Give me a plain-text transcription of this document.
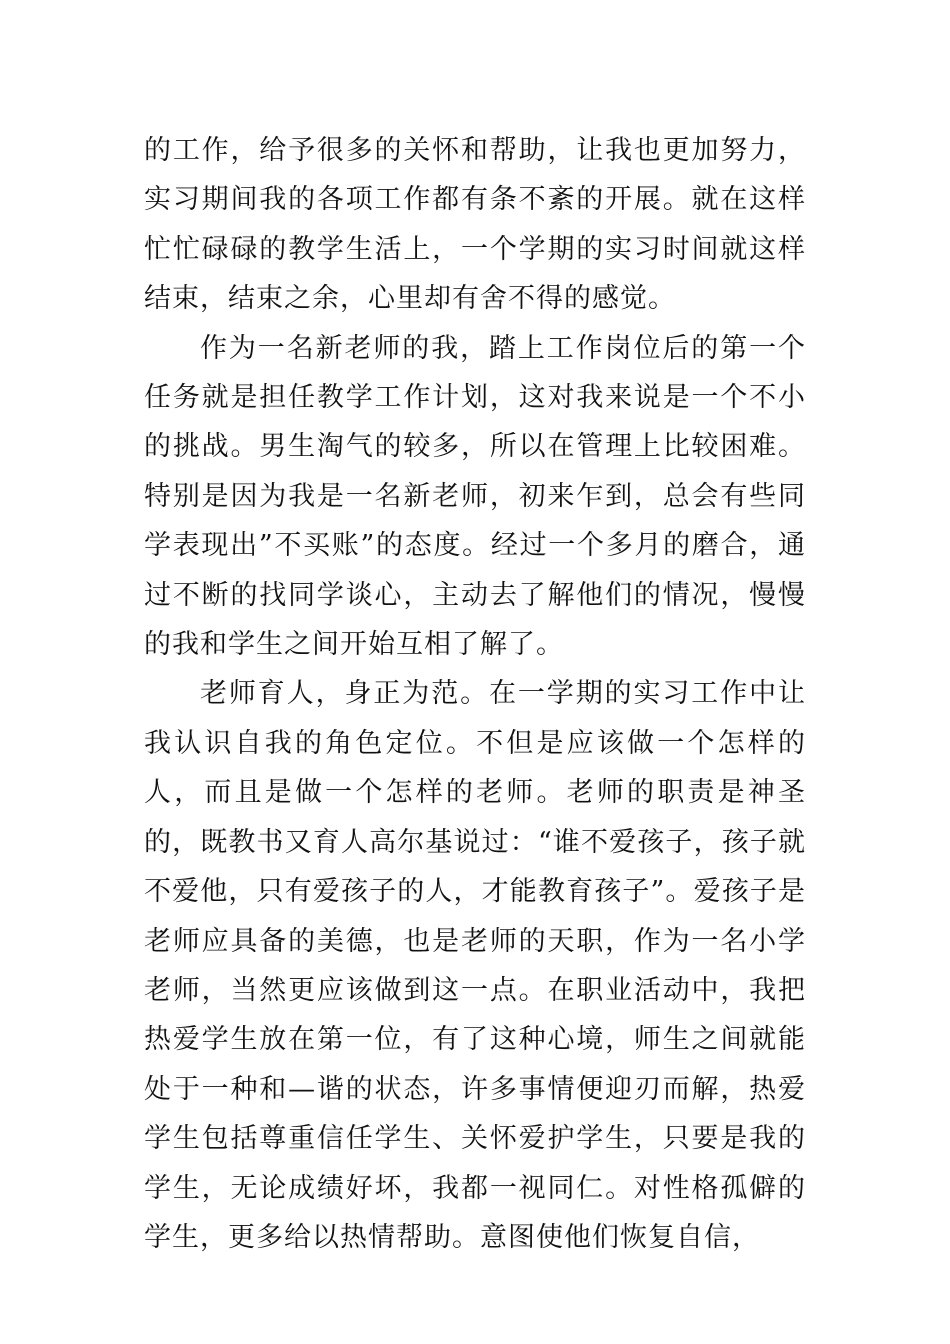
的工作，给予很多的关怀和帮助，让我也更加努力，实习期间我的各项工作都有条不紊的开展。就在这样忙忙碌碌的教学生活上，一个学期的实习时间就这样结束，结束之余，心里却有舍不得的感觉。

作为一名新老师的我，踏上工作岗位后的第一个任务就是担任教学工作计划，这对我来说是一个不小的挑战。男生淘气的较多，所以在管理上比较困难。特别是因为我是一名新老师，初来乍到，总会有些同学表现出”不买账”的态度。经过一个多月的磨合，通过不断的找同学谈心，主动去了解他们的情况，慢慢的我和学生之间开始互相了解了。

老师育人，身正为范。在一学期的实习工作中让我认识自我的角色定位。不但是应该做一个怎样的人，而且是做一个怎样的老师。老师的职责是神圣的，既教书又育人高尔基说过：“谁不爱孩子，孩子就不爱他，只有爱孩子的人，才能教育孩子”。爱孩子是老师应具备的美德，也是老师的天职，作为一名小学老师，当然更应该做到这一点。在职业活动中，我把热爱学生放在第一位，有了这种心境，师生之间就能处于一种和—谐的状态，许多事情便迎刃而解，热爱学生包括尊重信任学生、关怀爱护学生，只要是我的学生，无论成绩好坏，我都一视同仁。对性格孤僻的学生，更多给以热情帮助。意图使他们恢复自信，
